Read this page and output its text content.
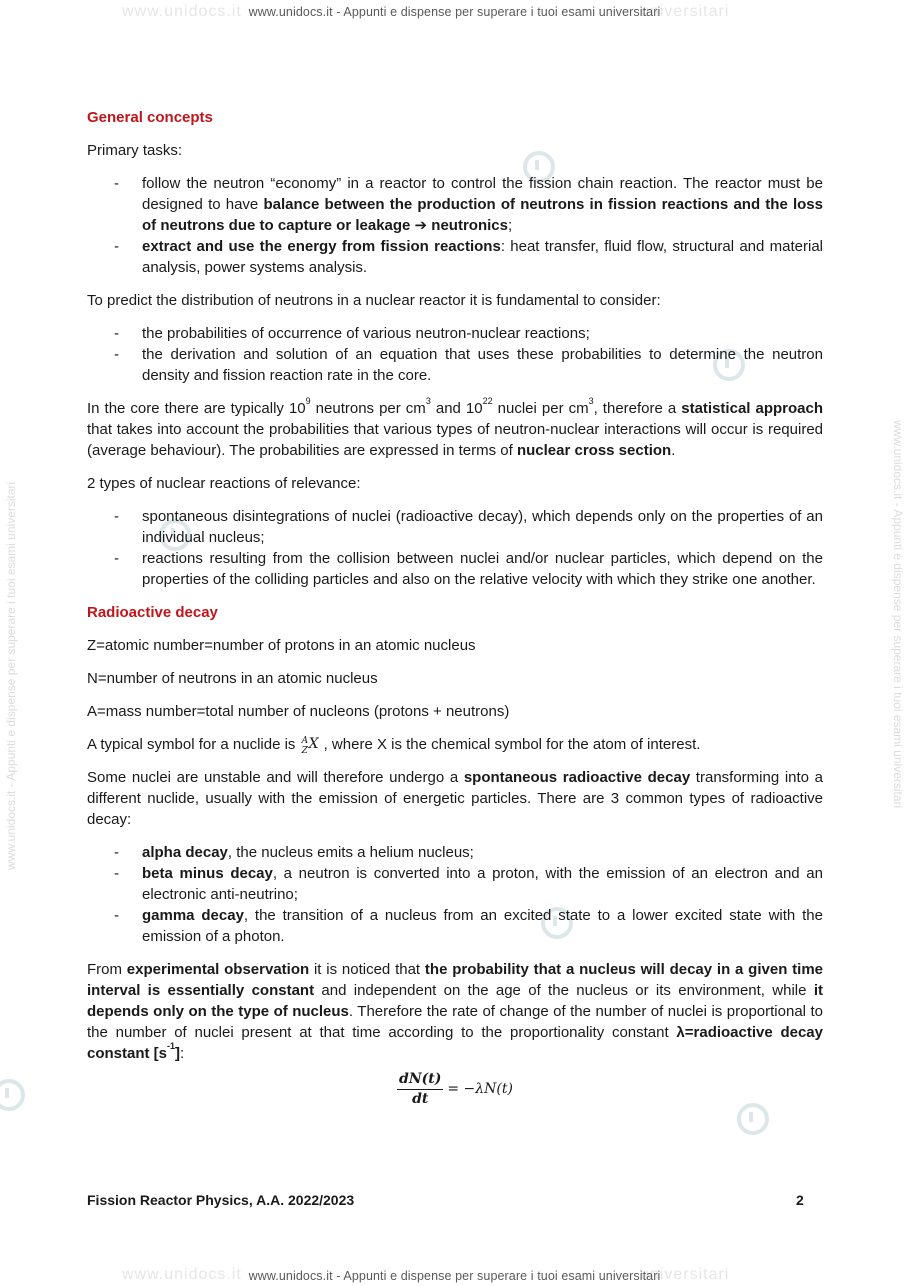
www.unidocs.it	universitari
www.unidocs.it - Appunti e dispense per superare i tuoi esami universitari
www.unidocs.it	universitari
www.unidocs.it - Appunti e dispense per superare i tuoi esami universitari
www.unidocs.it - Appunti e dispense per superare i tuoi esami universitari	www.unidocs.it - Appunti e dispense per superare i tuoi esami universitari
General concepts

Primary tasks:

- follow the neutron “economy” in a reactor to control the fission chain reaction. The reactor must be designed to have balance between the production of neutrons in fission reactions and the loss of neutrons due to capture or leakage ➔ neutronics;
- extract and use the energy from fission reactions: heat transfer, fluid flow, structural and material analysis, power systems analysis.

To predict the distribution of neutrons in a nuclear reactor it is fundamental to consider:

- the probabilities of occurrence of various neutron-nuclear reactions;
- the derivation and solution of an equation that uses these probabilities to determine the neutron density and fission reaction rate in the core.

In the core there are typically $10^9$ neutrons per $cm^3$ and $10^{22}$ nuclei per $cm^3$, therefore a statistical approach that takes into account the probabilities that various types of neutron-nuclear interactions will occur is required (average behaviour). The probabilities are expressed in terms of nuclear cross section.

2 types of nuclear reactions of relevance:

- spontaneous disintegrations of nuclei (radioactive decay), which depends only on the properties of an individual nucleus;
- reactions resulting from the collision between nuclei and/or nuclear particles, which depend on the properties of the colliding particles and also on the relative velocity with which they strike one another.
Radioactive decay

Z=atomic number=number of protons in an atomic nucleus

N=number of neutrons in an atomic nucleus

A=mass number=total number of nucleons (protons + neutrons)

A typical symbol for a nuclide is A
Z X , where X is the chemical symbol for the atom of interest.

Some nuclei are unstable and will therefore undergo a spontaneous radioactive decay transforming into a different nuclide, usually with the emission of energetic particles. There are 3 common types of radioactive decay:

- alpha decay, the nucleus emits a helium nucleus;
- beta minus decay, a neutron is converted into a proton, with the emission of an electron and an electronic anti-neutrino;
- gamma decay, the transition of a nucleus from an excited state to a lower excited state with the emission of a photon.

From experimental observation it is noticed that the probability that a nucleus will decay in a given time interval is essentially constant and independent on the age of the nucleus or its environment, while it depends only on the type of nucleus. Therefore the rate of change of the number of nuclei is proportional to the number of nuclei present at that time according to the proportionality constant λ=radioactive decay constant $[s^{-1}]$:

$\frac{dN(t)}{dt} = -\lambda N(t)$
Fission Reactor Physics, A.A. 2022/2023	2
